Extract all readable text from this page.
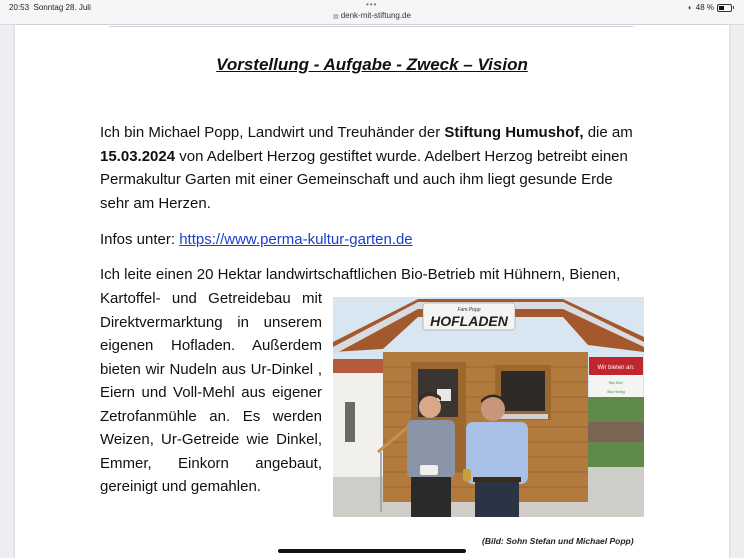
20:53 Sonntag 28. Juli	•••
▤ denk-mit-stiftung.de
◐ 48 %
Vorstellung - Aufgabe - Zweck – Vision
Ich bin Michael Popp, Landwirt und Treuhänder der Stiftung Humushof, die am 15.03.2024 von Adelbert Herzog gestiftet wurde. Adelbert Herzog betreibt einen Permakultur Garten mit einer Gemeinschaft und auch ihm liegt gesunde Erde sehr am Herzen.
Infos unter: https://www.perma-kultur-garten.de
Ich leite einen 20 Hektar landwirtschaftlichen Bio-Betrieb mit Hühnern, Bienen,
Kartoffel- und Getreidebau mit Direktvermarktung in unserem eigenen Hofladen. Außerdem bieten wir Nudeln aus Ur-Dinkel , Eiern und Voll-Mehl aus eigener Zetrofanmühle an. Es werden Weizen, Ur-Getreide wie Dinkel, Emmer, Einkorn angebaut, gereinigt und gemahlen.
Fam.Popp
HOFLADEN
Wir bieten an:
Bio Eier
Bio Honig
(Bild: Sohn Stefan und Michael Popp)
